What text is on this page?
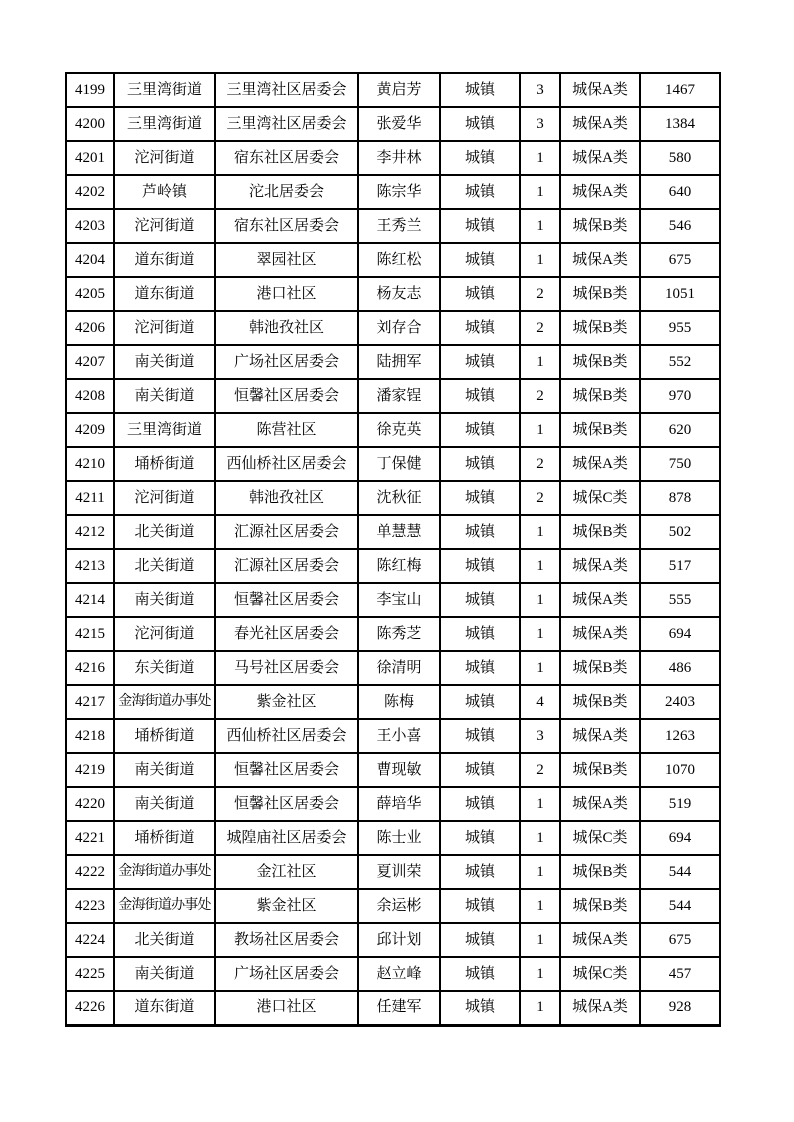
4199	三里湾街道	三里湾社区居委会	黄启芳	城镇	3	城保A类	1467
4200	三里湾街道	三里湾社区居委会	张爱华	城镇	3	城保A类	1384
4201	沱河街道	宿东社区居委会	李井林	城镇	1	城保A类	580
4202	芦岭镇	沱北居委会	陈宗华	城镇	1	城保A类	640
4203	沱河街道	宿东社区居委会	王秀兰	城镇	1	城保B类	546
4204	道东街道	翠园社区	陈红松	城镇	1	城保A类	675
4205	道东街道	港口社区	杨友志	城镇	2	城保B类	1051
4206	沱河街道	韩池孜社区	刘存合	城镇	2	城保B类	955
4207	南关街道	广场社区居委会	陆拥军	城镇	1	城保B类	552
4208	南关街道	恒馨社区居委会	潘家锃	城镇	2	城保B类	970
4209	三里湾街道	陈营社区	徐克英	城镇	1	城保B类	620
4210	埇桥街道	西仙桥社区居委会	丁保健	城镇	2	城保A类	750
4211	沱河街道	韩池孜社区	沈秋征	城镇	2	城保C类	878
4212	北关街道	汇源社区居委会	单慧慧	城镇	1	城保B类	502
4213	北关街道	汇源社区居委会	陈红梅	城镇	1	城保A类	517
4214	南关街道	恒馨社区居委会	李宝山	城镇	1	城保A类	555
4215	沱河街道	春光社区居委会	陈秀芝	城镇	1	城保A类	694
4216	东关街道	马号社区居委会	徐清明	城镇	1	城保B类	486
4217	金海街道办事处	紫金社区	陈梅	城镇	4	城保B类	2403
4218	埇桥街道	西仙桥社区居委会	王小喜	城镇	3	城保A类	1263
4219	南关街道	恒馨社区居委会	曹现敏	城镇	2	城保B类	1070
4220	南关街道	恒馨社区居委会	薛培华	城镇	1	城保A类	519
4221	埇桥街道	城隍庙社区居委会	陈士业	城镇	1	城保C类	694
4222	金海街道办事处	金江社区	夏训荣	城镇	1	城保B类	544
4223	金海街道办事处	紫金社区	余运彬	城镇	1	城保B类	544
4224	北关街道	教场社区居委会	邱计划	城镇	1	城保A类	675
4225	南关街道	广场社区居委会	赵立峰	城镇	1	城保C类	457
4226	道东街道	港口社区	任建军	城镇	1	城保A类	928
